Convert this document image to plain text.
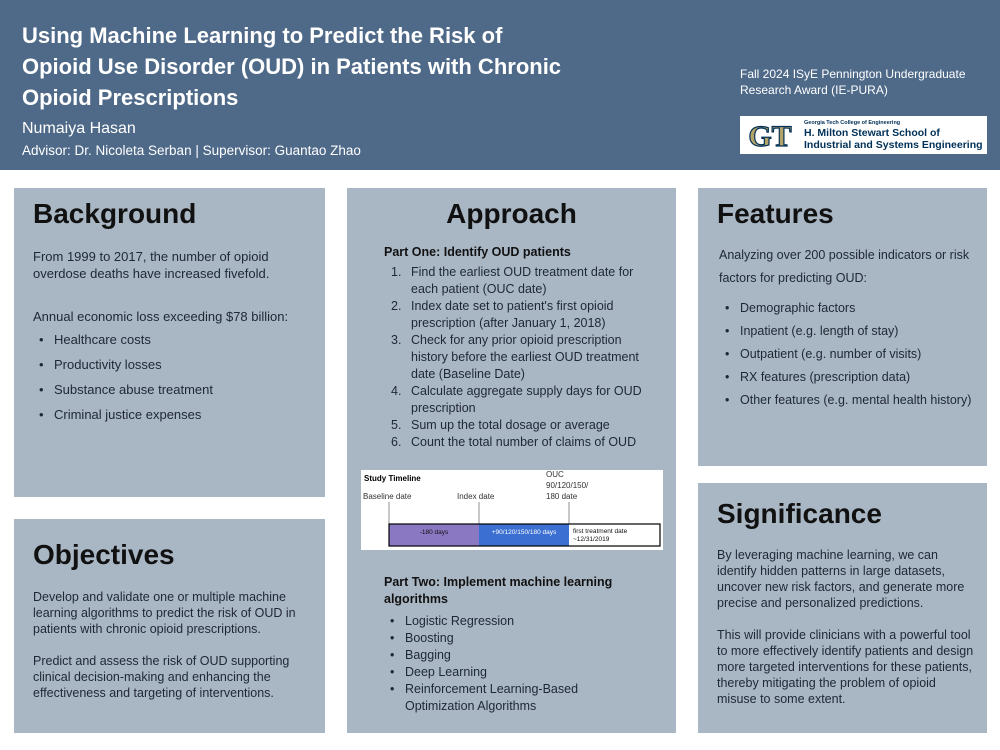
Using Machine Learning to Predict the Risk of
Opioid Use Disorder (OUD) in Patients with Chronic
Opioid Prescriptions
Numaiya Hasan
Advisor: Dr. Nicoleta Serban | Supervisor: Guantao Zhao
Fall 2024 ISyE Pennington Undergraduate
Research Award (IE-PURA)
GT Georgia Tech College of Engineering
H. Milton Stewart School of
Industrial and Systems Engineering
Background

From 1999 to 2017, the number of opioid overdose deaths have increased fivefold.

Annual economic loss exceeding $78 billion:

• Healthcare costs
• Productivity losses
• Substance abuse treatment
• Criminal justice expenses
Objectives

Develop and validate one or multiple machine learning algorithms to predict the risk of OUD in patients with chronic opioid prescriptions.

Predict and assess the risk of OUD supporting clinical decision-making and enhancing the effectiveness and targeting of interventions.

Approach
Part One: Identify OUD patients
1. Find the earliest OUD treatment date for each patient (OUC date)
2. Index date set to patient's first opioid prescription (after January 1, 2018)
3. Check for any prior opioid prescription history before the earliest OUD treatment date (Baseline Date)
4. Calculate aggregate supply days for OUD prescription
5. Sum up the total dosage or average
6. Count the total number of claims of OUD
Study Timeline
Baseline date	Index date
OUC
90/120/150/
180 date
-180 days	+90/120/150/180 days	first treatment date
~12/31/2019
Part Two: Implement machine learning
algorithms
• Logistic Regression
• Boosting
• Bagging
• Deep Learning
• Reinforcement Learning-Based Optimization Algorithms
Features

Analyzing over 200 possible indicators or risk factors for predicting OUD:

• Demographic factors
• Inpatient (e.g. length of stay)
• Outpatient (e.g. number of visits)
• RX features (prescription data)
• Other features (e.g. mental health history)
Significance

By leveraging machine learning, we can identify hidden patterns in large datasets, uncover new risk factors, and generate more precise and personalized predictions.

This will provide clinicians with a powerful tool to more effectively identify patients and design more targeted interventions for these patients, thereby mitigating the problem of opioid misuse to some extent.
